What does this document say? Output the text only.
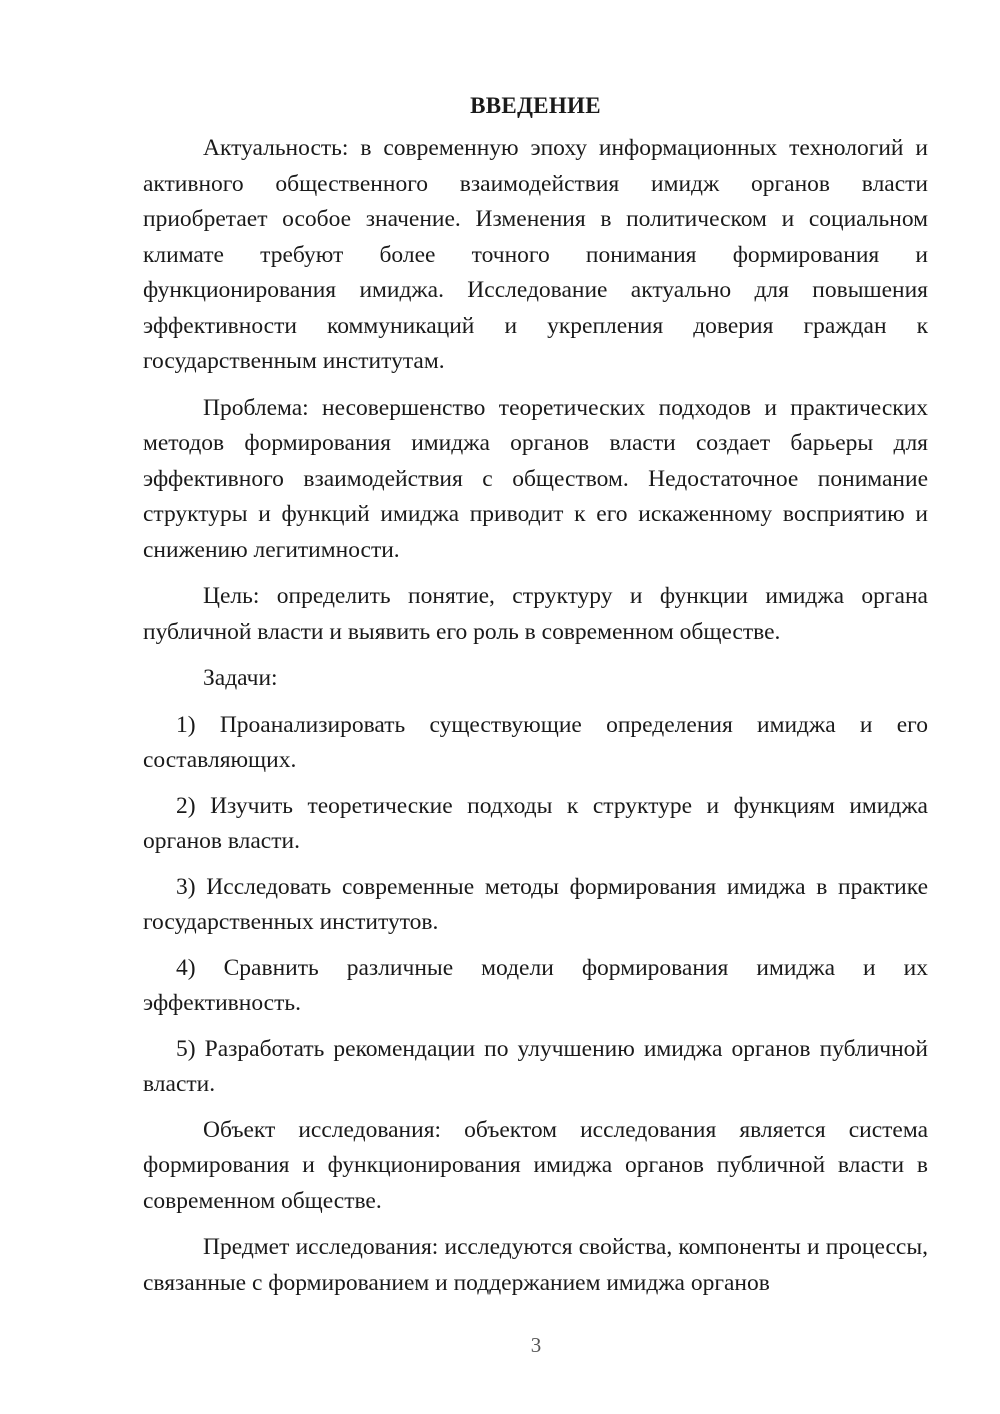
ВВЕДЕНИЕ

Актуальность: в современную эпоху информационных технологий и активного общественного взаимодействия имидж органов власти приобретает особое значение. Изменения в политическом и социальном климате требуют более точного понимания формирования и функционирования имиджа. Исследование актуально для повышения эффективности коммуникаций и укрепления доверия граждан к государственным институтам.

Проблема: несовершенство теоретических подходов и практических методов формирования имиджа органов власти создает барьеры для эффективного взаимодействия с обществом. Недостаточное понимание структуры и функций имиджа приводит к его искаженному восприятию и снижению легитимности.

Цель: определить понятие, структуру и функции имиджа органа публичной власти и выявить его роль в современном обществе.

Задачи:

1) Проанализировать существующие определения имиджа и его составляющих.

2) Изучить теоретические подходы к структуре и функциям имиджа органов власти.

3) Исследовать современные методы формирования имиджа в практике государственных институтов.

4) Сравнить различные модели формирования имиджа и их эффективность.

5) Разработать рекомендации по улучшению имиджа органов публичной власти.

Объект исследования: объектом исследования является система формирования и функционирования имиджа органов публичной власти в современном обществе.

Предмет исследования: исследуются свойства, компоненты и процессы, связанные с формированием и поддержанием имиджа органов

3
